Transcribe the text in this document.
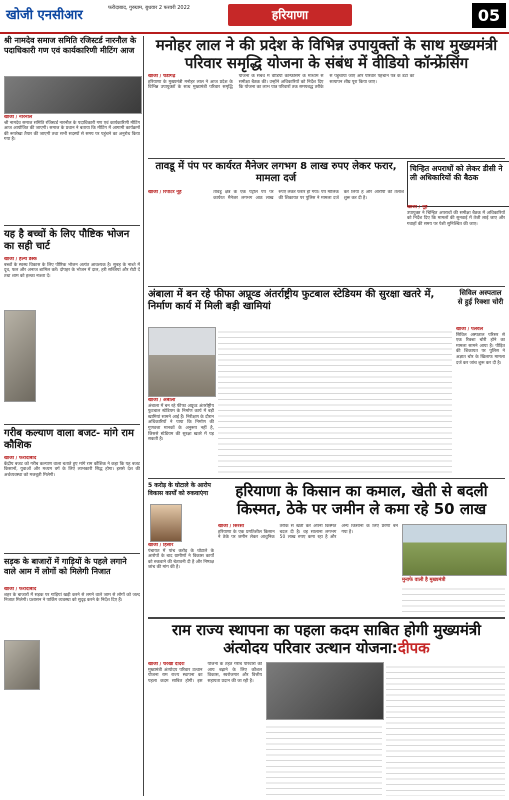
खोजी एनसीआर	फरीदाबाद, गुरुग्राम, बुधवार 2 फरवरी 2022	हरियाणा	05
श्री नामदेव समाज समिति रजिस्टर्ड नारनौल के पदाधिकारी गण एवं कार्यकारिणी मीटिंग आज
खोजी / नारनौल

श्री नामदेव समाज समिति रजिस्टर्ड नारनौल के पदाधिकारी गण एवं कार्यकारिणी मीटिंग आज आयोजित की जाएगी। समाज के प्रधान ने बताया कि मीटिंग में आगामी कार्यक्रमों की रूपरेखा तैयार की जाएगी तथा सभी सदस्यों से समय पर पहुंचने का अनुरोध किया गया है।

यह है बच्चों के लिए पौष्टिक भोजन का सही चार्ट
खोजी / हेल्थ डेस्क

बच्चों के स्वस्थ विकास के लिए पौष्टिक भोजन अत्यंत आवश्यक है। सुबह के नाश्ते में दूध, फल और अनाज शामिल करें। दोपहर के भोजन में दाल, हरी सब्जियां और रोटी दें तथा शाम को हल्का नाश्ता दें।

गरीब कल्याण वाला बजट- मांगे राम कौशिक
खोजी / फरीदाबाद

केंद्रीय बजट को गरीब कल्याण वाला बताते हुए मांगे राम कौशिक ने कहा कि यह बजट किसानों, युवाओं और मध्यम वर्ग के लिए लाभकारी सिद्ध होगा। इससे देश की अर्थव्यवस्था को मजबूती मिलेगी।

सड़क के बाजारों में गाड़ियों के पहले लगाने वाले आम में लोगों को मिलेगी निजात
खोजी / फरीदाबाद

शहर के बाजारों में सड़क पर गाड़ियां खड़ी करने से लगने वाले जाम से लोगों को जल्द निजात मिलेगी। प्रशासन ने पार्किंग व्यवस्था को सुदृढ़ करने के निर्देश दिए हैं।

मनोहर लाल ने की प्रदेश के विभिन्न उपायुक्तों के साथ मुख्यमंत्री परिवार समृद्धि योजना के संबंध में वीडियो कॉन्फ्रेंसिंग
खोजी / चंडीगढ़

हरियाणा के मुख्यमंत्री मनोहर लाल ने आज प्रदेश के विभिन्न उपायुक्तों के साथ मुख्यमंत्री परिवार समृद्धि योजना के संबंध में वीडियो कॉन्फ्रेंसिंग के माध्यम से समीक्षा बैठक की। उन्होंने अधिकारियों को निर्देश दिए कि योजना का लाभ पात्र परिवारों तक समयबद्ध तरीके से पहुंचाया जाए और परिवार पहचान पत्र के डेटा का सत्यापन शीघ्र पूरा किया जाए।

तावडू में पंप पर कार्यरत मैनेजर लगभग 8 लाख रुपए लेकर फरार, मामला दर्ज
खोजी / रिपोर्टर नूंह	तावडू क्षेत्र के एक पेट्रोल पंप पर कार्यरत मैनेजर लगभग आठ लाख रुपए लेकर फरार हो गया। पंप मालिक की शिकायत पर पुलिस ने मामला दर्ज कर लिया है और आरोपी की तलाश शुरू कर दी है।

चिन्हित अपराधों को लेकर डीसी ने ली अधिकारियों की बैठक
खोजी / नूंह

उपायुक्त ने चिन्हित अपराधों की समीक्षा बैठक में अधिकारियों को निर्देश दिए कि मामलों की सुनवाई में तेजी लाई जाए और गवाहों की समय पर पेशी सुनिश्चित की जाए।

अंबाला में बन रहे फीफा अप्रूव्ड अंतर्राष्ट्रीय फुटबाल स्टेडियम की सुरक्षा खतरे में, निर्माण कार्य में मिली बड़ी खामियां
सिविल अस्पताल से हुई रिक्शा चोरी
खोजी / पलवल

सिविल अस्पताल परिसर से एक रिक्शा चोरी होने का मामला सामने आया है। पीड़ित की शिकायत पर पुलिस ने अज्ञात चोर के खिलाफ मामला दर्ज कर जांच शुरू कर दी है।

खोजी / अंबाला

अंबाला में बन रहे फीफा अप्रूव्ड अंतर्राष्ट्रीय फुटबाल स्टेडियम के निर्माण कार्य में बड़ी खामियां सामने आई हैं। निरीक्षण के दौरान अधिकारियों ने पाया कि निर्माण की गुणवत्ता मानकों के अनुरूप नहीं है, जिससे स्टेडियम की सुरक्षा खतरे में पड़ सकती है।

5 करोड़ के घोटाले के आरोप विकास कार्यों को रुकवाएंगा
खोजी / हिसार

पंचायत में पांच करोड़ के घोटाले के आरोपों के बाद ग्रामीणों ने विकास कार्यों को रुकवाने की चेतावनी दी है और निष्पक्ष जांच की मांग की है।

हरियाणा के किसान का कमाल, खेती से बदली किस्मत, ठेके पर जमीन ले कमा रहे 50 लाख
खोजी / सिरसा

हरियाणा के एक प्रगतिशील किसान ने ठेके पर जमीन लेकर आधुनिक तरीके से खेती कर अपनी किस्मत बदल दी है। वह सालाना लगभग 50 लाख रुपए कमा रहा है और अन्य किसानों के लिए प्रेरणा बन गया है।

मुनाफे वाली है मुख्यमंत्री
राम राज्य स्थापना का पहला कदम साबित होगी मुख्यमंत्री अंत्योदय परिवार उत्थान योजना:दीपक
खोजी / चरखी दादरी

मुख्यमंत्री अंत्योदय परिवार उत्थान योजना राम राज्य स्थापना का पहला कदम साबित होगी। इस योजना के तहत गरीब परिवारों की आय बढ़ाने के लिए कौशल विकास, स्वरोजगार और वित्तीय सहायता प्रदान की जा रही है।
